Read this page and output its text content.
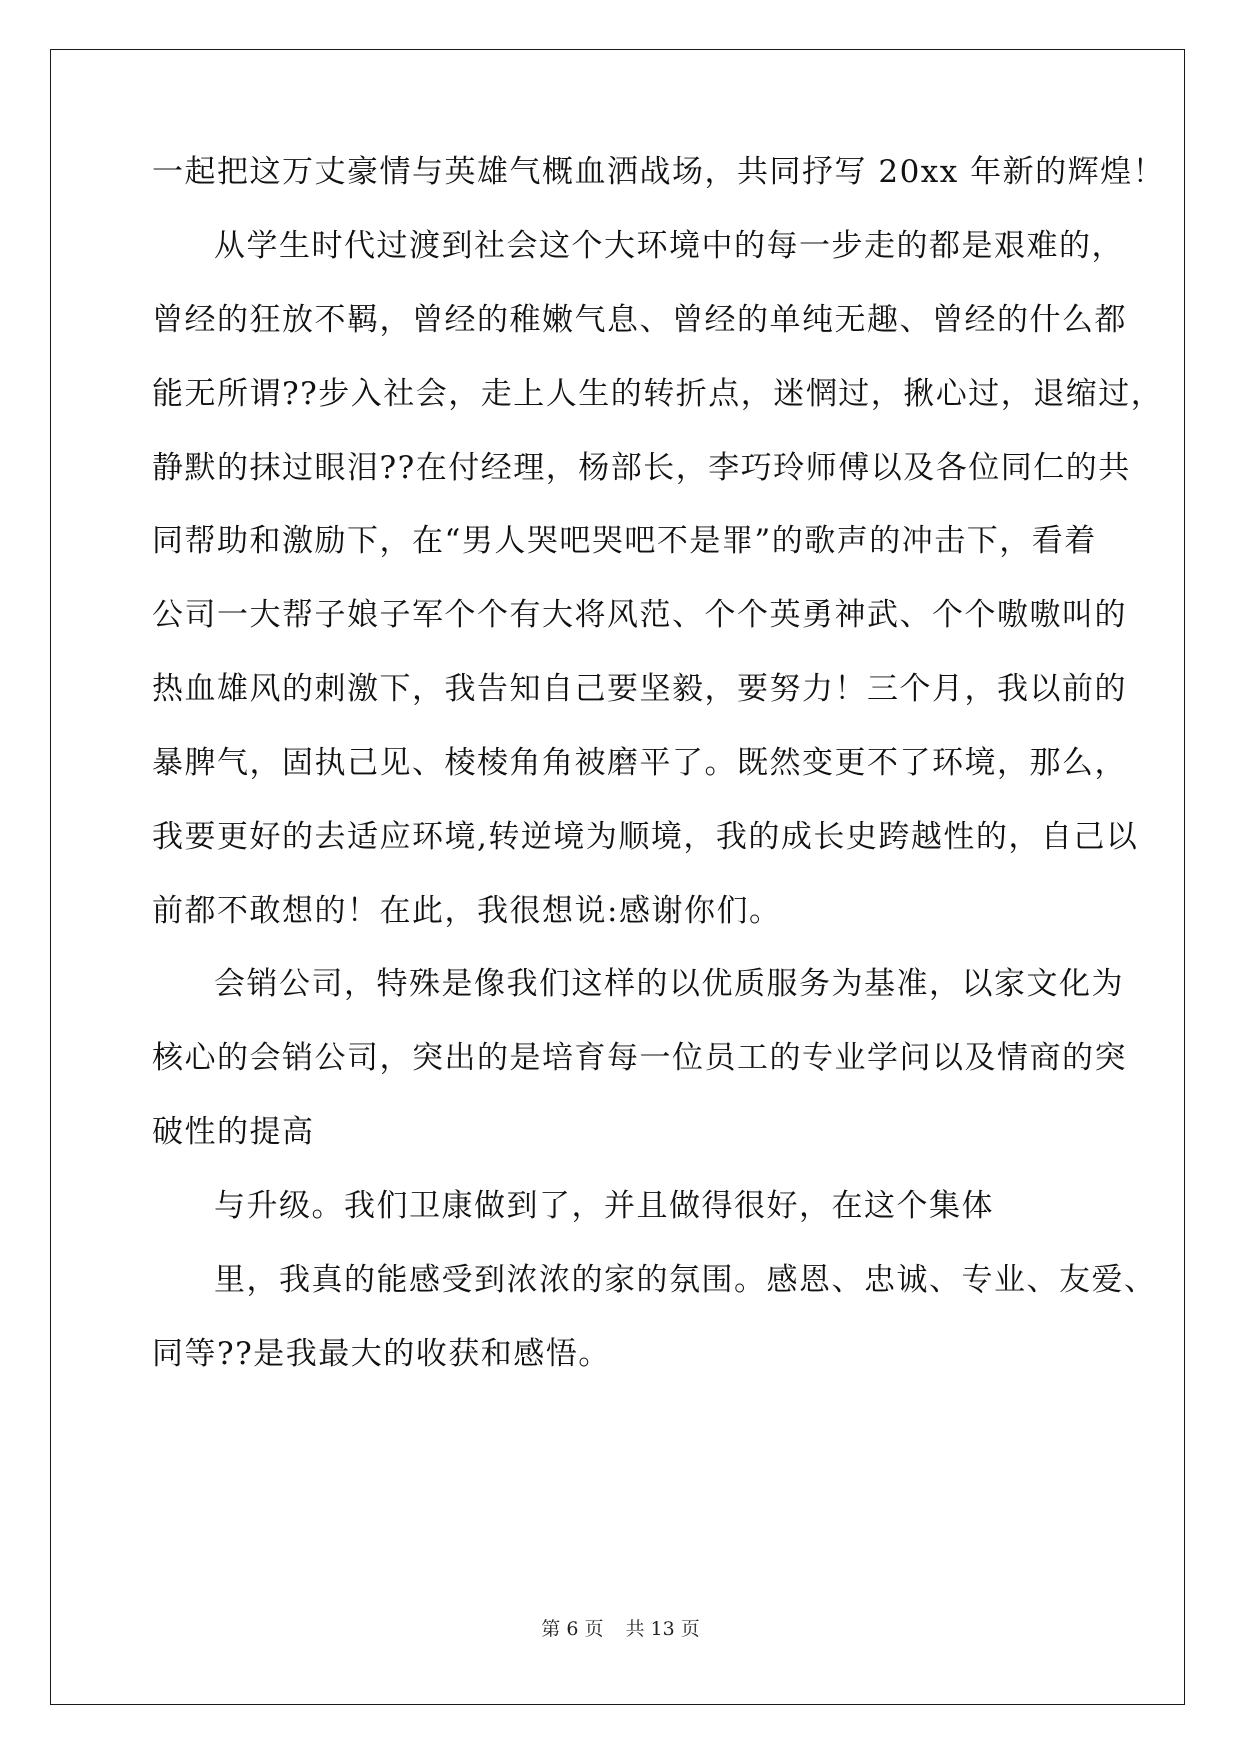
一起把这万丈豪情与英雄气概血洒战场，共同抒写 20xx 年新的辉煌！
从学生时代过渡到社会这个大环境中的每一步走的都是艰难的，
曾经的狂放不羁，曾经的稚嫩气息、曾经的单纯无趣、曾经的什么都
能无所谓??步入社会，走上人生的转折点，迷惘过，揪心过，退缩过，
静默的抹过眼泪??在付经理，杨部长，李巧玲师傅以及各位同仁的共
同帮助和激励下，在“男人哭吧哭吧不是罪”的歌声的冲击下，看着
公司一大帮子娘子军个个有大将风范、个个英勇神武、个个嗷嗷叫的
热血雄风的刺激下，我告知自己要坚毅，要努力！三个月，我以前的
暴脾气，固执己见、棱棱角角被磨平了。既然变更不了环境，那么，
我要更好的去适应环境,转逆境为顺境，我的成长史跨越性的，自己以
前都不敢想的！在此，我很想说:感谢你们。
会销公司，特殊是像我们这样的以优质服务为基准，以家文化为
核心的会销公司，突出的是培育每一位员工的专业学问以及情商的突
破性的提高
与升级。我们卫康做到了，并且做得很好，在这个集体
里，我真的能感受到浓浓的家的氛围。感恩、忠诚、专业、友爱、
同等??是我最大的收获和感悟。
第 6 页 共 13 页
